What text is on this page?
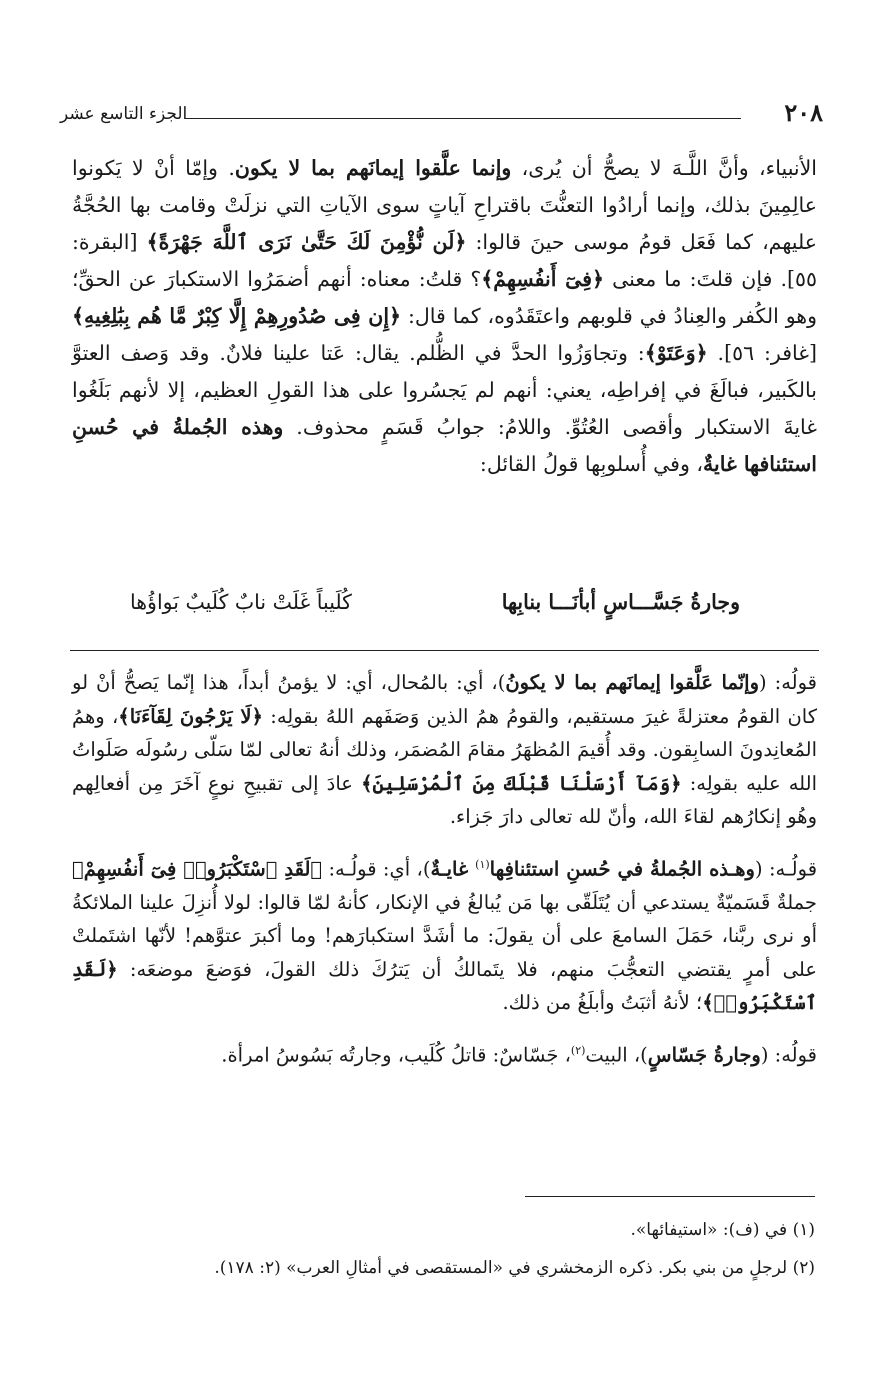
٢٠٨
الجزء التاسع عشر

الأنبياء، وأنَّ اللَّـهَ لا يصحُّ أن يُرى، وإنما علَّقوا إيمانَهم بما لا يكون. وإمّا أنْ لا يَكونوا عالِمِينَ بذلك، وإنما أرادُوا التعنُّتَ باقتراحِ آياتٍ سوى الآياتِ التي نزلَتْ وقامت بها الحُجَّةُ عليهم، كما فَعَل قومُ موسى حينَ قالوا: ﴿لَن نُّؤْمِنَ لَكَ حَتَّىٰ نَرَى ٱللَّهَ جَهْرَةً﴾ [البقرة: ٥٥]. فإن قلتَ: ما معنى ﴿فِىٓ أَنفُسِهِمْ﴾؟ قلتُ: معناه: أنهم أضمَرُوا الاستكبارَ عن الحقِّ؛ وهو الكُفر والعِنادُ في قلوبهم واعتَقَدُوه، كما قال: ﴿إِن فِى صُدُورِهِمْ إِلَّا كِبْرٌ مَّا هُم بِبَٰلِغِيهِ﴾ [غافر: ٥٦]. ﴿وَعَتَوْ﴾: وتجاوَزُوا الحدَّ في الظُّلم. يقال: عَتا علينا فلانٌ. وقد وَصف العتوَّ بالكَبير، فبالَغَ في إفراطِه، يعني: أنهم لم يَجسُروا على هذا القولِ العظيم، إلا لأنهم بَلَغُوا غايةَ الاستكبار وأقصى العُتُوِّ. واللامُ: جوابُ قَسَمٍ محذوف. وهذه الجُملةُ في حُسنِ استئنافها غايةٌ، وفي أُسلوبِها قولُ القائل:

وجارةُ جَسَّـــاسٍ أبأنَـــا بنابِها
كُلَيباً غَلَتْ نابٌ كُلَيبٌ بَواؤُها

قولُه: (وإنّما عَلَّقوا إيمانَهم بما لا يكونُ)، أي: بالمُحال، أي: لا يؤمنُ أبداً، هذا إنّما يَصحُّ أنْ لو كان القومُ معتزلةً غيرَ مستقيم، والقومُ همُ الذين وَصَفَهم اللهُ بقولِه: ﴿لَا يَرْجُونَ لِقَآءَنَا﴾، وهمُ المُعانِدونَ السابِقون. وقد أُقيمَ المُظهَرُ مقامَ المُضمَر، وذلك أنهُ تعالى لمّا سَلّى رسُولَه صَلَواتُ الله عليه بقولِه: ﴿وَمَآ أَرْسَلْنَا قَبْلَكَ مِنَ ٱلْمُرْسَلِينَ﴾ عادَ إلى تقبيحِ نوعٍ آخَرَ مِن أفعالِهم وهُو إنكارُهم لقاءَ الله، وأنّ لله تعالى دارَ جَزاء.

قولُـه: (وهـذه الجُملةُ في حُسنِ استئنافِها$^{(١)}$ غايـةٌ)، أي: قولُـه: ﴿لَقَدِ ٱسْتَكْبَرُوا۟ فِىٓ أَنفُسِهِمْ﴾ جملةٌ قَسَميّةٌ يستدعي أن يُتَلَقّى بها مَن يُبالغُ في الإنكار، كأنهُ لمّا قالوا: لولا أُنزِلَ علينا الملائكةُ أو نرى ربَّنا، حَمَلَ السامعَ على أن يقولَ: ما أشَدَّ استكبارَهم! وما أكبرَ عتوَّهم! لأنّها اشتَملتْ على أمرٍ يقتضي التعجُّبَ منهم، فلا يتَمالكُ أن يَترُكَ ذلك القولَ، فوَضعَ موضعَه: ﴿لَقَدِ ٱسْتَكْبَرُوا۟﴾؛ لأنهُ أثبَتُ وأبلَغُ من ذلك.

قولُه: (وجارةُ جَسّاسٍ)، البيت$^{(٢)}$، جَسّاسٌ: قاتلُ كُلَيب، وجارتُه بَسُوسُ امرأة.

(١) في (ف): «استيفائها».

(٢) لرجلٍ من بني بكر. ذكره الزمخشري في «المستقصى في أمثالِ العرب» (٢: ١٧٨).
